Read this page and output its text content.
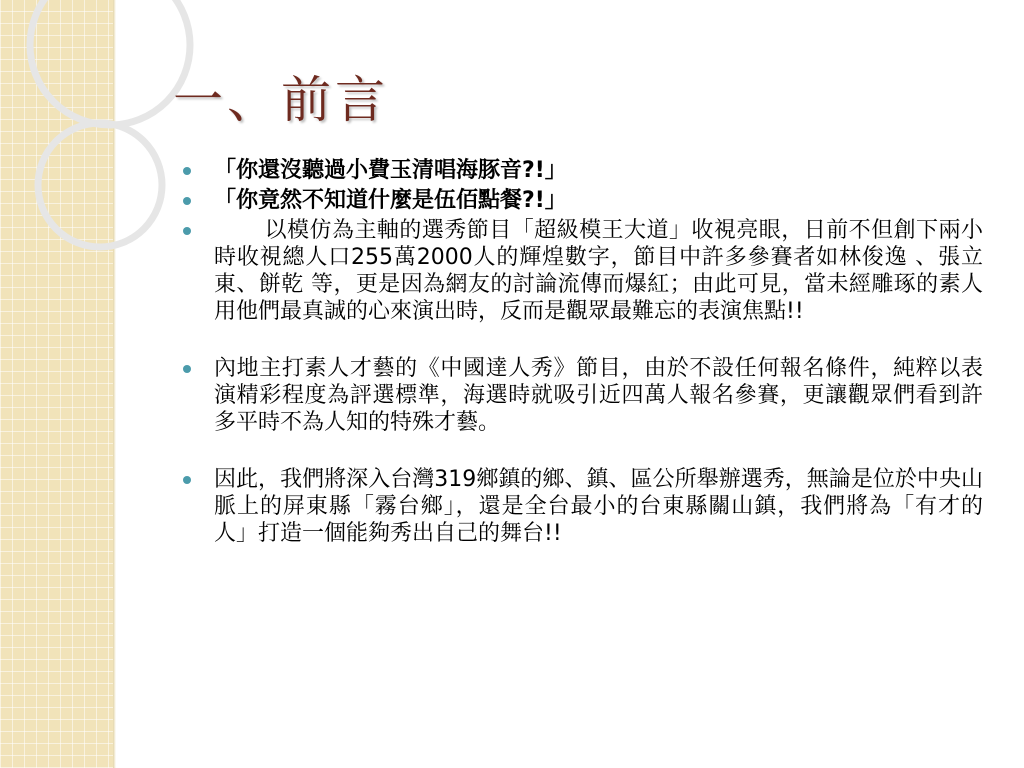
一、前言
「你還沒聽過小費玉清唱海豚音?!」
「你竟然不知道什麼是伍佰點餐?!」
以模仿為主軸的選秀節目「超級模王大道」收視亮眼，日前不但創下兩小時收視總人口255萬2000人的輝煌數字，節目中許多參賽者如林俊逸 、張立東、餅乾 等，更是因為網友的討論流傳而爆紅；由此可見，當未經雕琢的素人用他們最真誠的心來演出時，反而是觀眾最難忘的表演焦點!!
內地主打素人才藝的《中國達人秀》節目，由於不設任何報名條件，純粹以表演精彩程度為評選標準，海選時就吸引近四萬人報名參賽，更讓觀眾們看到許多平時不為人知的特殊才藝。
因此，我們將深入台灣319鄉鎮的鄉、鎮、區公所舉辦選秀，無論是位於中央山脈上的屏東縣「霧台鄉」，還是全台最小的台東縣關山鎮，我們將為「有才的人」打造一個能夠秀出自己的舞台!!
